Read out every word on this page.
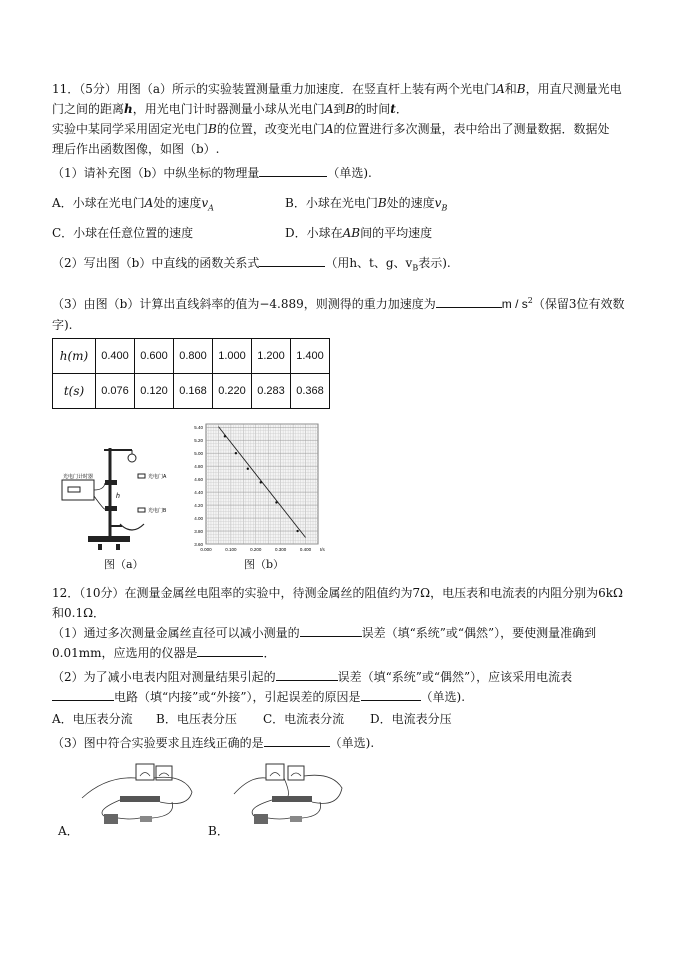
11．（5分）用图（a）所示的实验装置测量重力加速度．在竖直杆上装有两个光电门A和B，用直尺测量光电
门之间的距离h，用光电门计时器测量小球从光电门A到B的时间t．
实验中某同学采用固定光电门B的位置，改变光电门A的位置进行多次测量，表中给出了测量数据．数据处
理后作出函数图像，如图（b）.
（1）请补充图（b）中纵坐标的物理量	（单选).
A．小球在光电门A处的速度$v_A$	B．小球在光电门B处的速度$v_B$
C．小球在任意位置的速度	D．小球在AB间的平均速度
（2）写出图（b）中直线的函数关系式	（用h、t、g、$v_B$表示).
（3）由图（b）计算出直线斜率的值为−4.889，则测得的重力加速度为	m / $s^2$（保留3位有效数
字).
h(m)	0.400	0.600	0.800	1.000	1.200	1.400
t(s)	0.076	0.120	0.168	0.220	0.283	0.368
光电门A
光电门B
h
光电门计时器
图（a）
3.60
3.80
4.00
4.20
4.40
4.60
4.80
5.00
5.20
5.40
0.000	0.100	0.200	0.300	0.400 t/s
图（b）
12．（10分）在测量金属丝电阻率的实验中，待测金属丝的阻值约为7Ω，电压表和电流表的内阻分别为6kΩ
和0.1Ω．
（1）通过多次测量金属丝直径可以减小测量的	误差（填“系统”或“偶然”），要使测量准确到
0.01mm，应选用的仪器是	．
（2）为了减小电表内阻对测量结果引起的	误差（填“系统”或“偶然”），应该采用电流表
电路（填“内接”或“外接”），引起误差的原因是	（单选).
A．电压表分流 B．电压表分压 C．电流表分流 D．电流表分压
（3）图中符合实验要求且连线正确的是	（单选).
A．	B．
